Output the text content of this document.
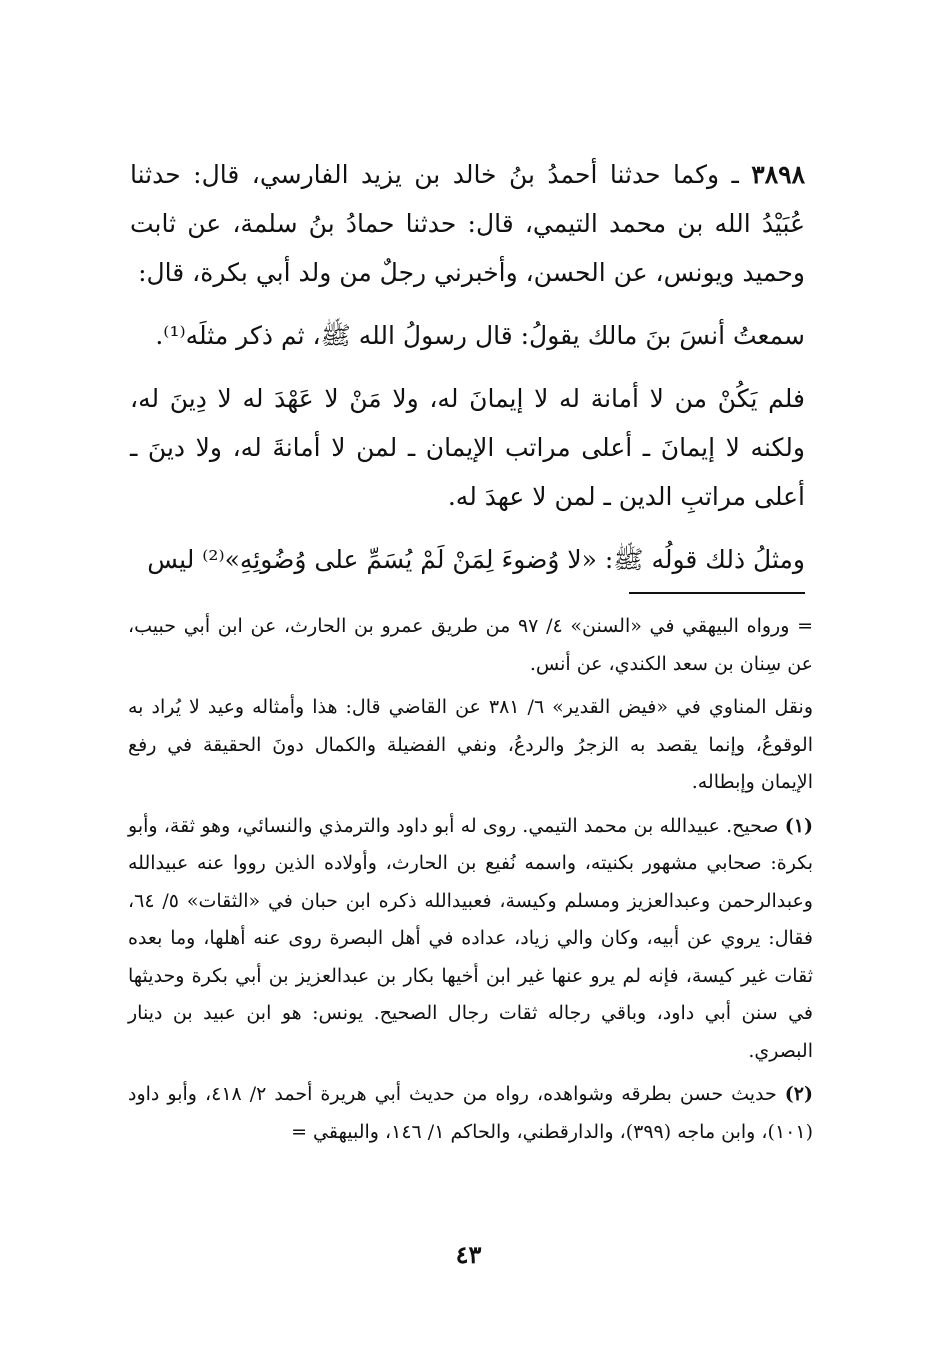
٣٨٩٨ ـ وكما حدثنا أحمدُ بنُ خالد بن يزيد الفارسي، قال: حدثنا عُبَيْدُ الله بن محمد التيمي، قال: حدثنا حمادُ بنُ سلمة، عن ثابت وحميد ويونس، عن الحسن، وأخبرني رجلٌ من ولد أبي بكرة، قال:

سمعتُ أنسَ بنَ مالك يقولُ: قال رسولُ الله ﷺ، ثم ذكر مثلَه⁽¹⁾.

فلم يَكُنْ من لا أمانة له لا إيمانَ له، ولا مَنْ لا عَهْدَ له لا دِينَ له، ولكنه لا إيمانَ ـ أعلى مراتب الإيمان ـ لمن لا أمانةَ له، ولا دينَ ـ أعلى مراتبِ الدين ـ لمن لا عهدَ له.

ومثلُ ذلك قولُه ﷺ: «لا وُضوءَ لِمَنْ لَمْ يُسَمِّ على وُضُوئِهِ»⁽²⁾ ليس

= ورواه البيهقي في «السنن» ٤/ ٩٧ من طريق عمرو بن الحارث، عن ابن أبي حبيب، عن سِنان بن سعد الكندي، عن أنس.

ونقل المناوي في «فيض القدير» ٦/ ٣٨١ عن القاضي قال: هذا وأمثاله وعيد لا يُراد به الوقوعُ، وإنما يقصد به الزجرُ والردعُ، ونفي الفضيلة والكمال دونَ الحقيقة في رفع الإيمان وإبطاله.

(١) صحيح. عبيدالله بن محمد التيمي. روى له أبو داود والترمذي والنسائي، وهو ثقة، وأبو بكرة: صحابي مشهور بكنيته، واسمه نُفيع بن الحارث، وأولاده الذين رووا عنه عبيدالله وعبدالرحمن وعبدالعزيز ومسلم وكيسة، فعبيدالله ذكره ابن حبان في «الثقات» ٥/ ٦٤، فقال: يروي عن أبيه، وكان والي زياد، عداده في أهل البصرة روى عنه أهلها، وما بعده ثقات غير كيسة، فإنه لم يرو عنها غير ابن أخيها بكار بن عبدالعزيز بن أبي بكرة وحديثها في سنن أبي داود، وباقي رجاله ثقات رجال الصحيح. يونس: هو ابن عبيد بن دينار البصري.

(٢) حديث حسن بطرقه وشواهده، رواه من حديث أبي هريرة أحمد ٢/ ٤١٨، وأبو داود (١٠١)، وابن ماجه (٣٩٩)، والدارقطني، والحاكم ١/ ١٤٦، والبيهقي =

٤٣
